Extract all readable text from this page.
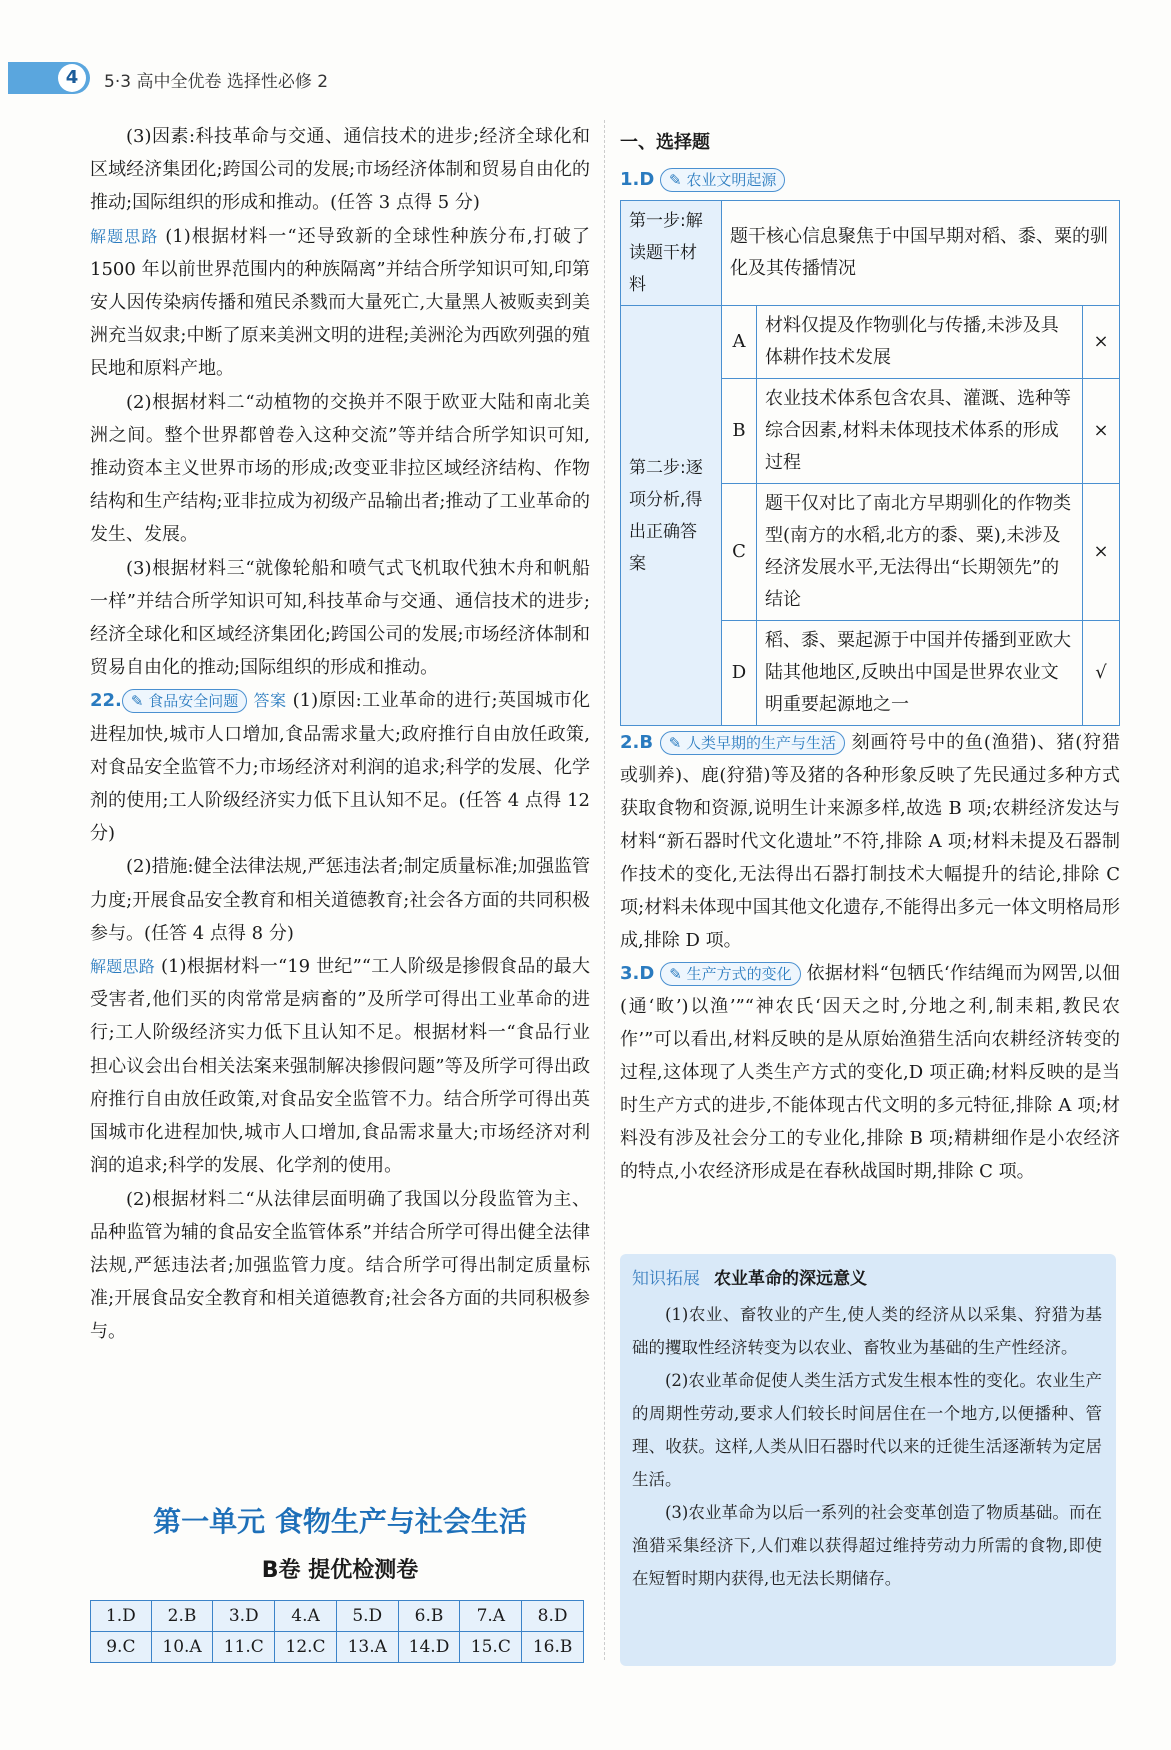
4	5·3 高中全优卷 选择性必修 2

(3)因素:科技革命与交通、通信技术的进步;经济全球化和区域经济集团化;跨国公司的发展;市场经济体制和贸易自由化的推动;国际组织的形成和推动。(任答 3 点得 5 分)

解题思路 (1)根据材料一“还导致新的全球性种族分布,打破了 1500 年以前世界范围内的种族隔离”并结合所学知识可知,印第安人因传染病传播和殖民杀戮而大量死亡,大量黑人被贩卖到美洲充当奴隶;中断了原来美洲文明的进程;美洲沦为西欧列强的殖民地和原料产地。

(2)根据材料二“动植物的交换并不限于欧亚大陆和南北美洲之间。整个世界都曾卷入这种交流”等并结合所学知识可知,推动资本主义世界市场的形成;改变亚非拉区域经济结构、作物结构和生产结构;亚非拉成为初级产品输出者;推动了工业革命的发生、发展。

(3)根据材料三“就像轮船和喷气式飞机取代独木舟和帆船一样”并结合所学知识可知,科技革命与交通、通信技术的进步;经济全球化和区域经济集团化;跨国公司的发展;市场经济体制和贸易自由化的推动;国际组织的形成和推动。

22. ✎ 食品安全问题 答案 (1)原因:工业革命的进行;英国城市化进程加快,城市人口增加,食品需求量大;政府推行自由放任政策,对食品安全监管不力;市场经济对利润的追求;科学的发展、化学剂的使用;工人阶级经济实力低下且认知不足。(任答 4 点得 12 分)

(2)措施:健全法律法规,严惩违法者;制定质量标准;加强监管力度;开展食品安全教育和相关道德教育;社会各方面的共同积极参与。(任答 4 点得 8 分)

解题思路 (1)根据材料一“19 世纪”“工人阶级是掺假食品的最大受害者,他们买的肉常常是病畜的”及所学可得出工业革命的进行;工人阶级经济实力低下且认知不足。根据材料一“食品行业担心议会出台相关法案来强制解决掺假问题”等及所学可得出政府推行自由放任政策,对食品安全监管不力。结合所学可得出英国城市化进程加快,城市人口增加,食品需求量大;市场经济对利润的追求;科学的发展、化学剂的使用。

(2)根据材料二“从法律层面明确了我国以分段监管为主、品种监管为辅的食品安全监管体系”并结合所学可得出健全法律法规,严惩违法者;加强监管力度。结合所学可得出制定质量标准;开展食品安全教育和相关道德教育;社会各方面的共同积极参与。

第一单元 食物生产与社会生活
B卷 提优检测卷
1.D	2.B	3.D	4.A	5.D	6.B	7.A	8.D
9.C	10.A	11.C	12.C	13.A	14.D	15.C	16.B
一、选择题
1.D ✎ 农业文明起源
第一步:解读题干材料	题干核心信息聚焦于中国早期对稻、黍、粟的驯化及其传播情况		
第二步:逐项分析,得出正确答案	A	材料仅提及作物驯化与传播,未涉及具体耕作技术发展	×
	B	农业技术体系包含农具、灌溉、选种等综合因素,材料未体现技术体系的形成过程	×
	C	题干仅对比了南北方早期驯化的作物类型(南方的水稻,北方的黍、粟),未涉及经济发展水平,无法得出“长期领先”的结论	×
	D	稻、黍、粟起源于中国并传播到亚欧大陆其他地区,反映出中国是世界农业文明重要起源地之一	√

2.B ✎ 人类早期的生产与生活 刻画符号中的鱼(渔猎)、猪(狩猎或驯养)、鹿(狩猎)等及猪的各种形象反映了先民通过多种方式获取食物和资源,说明生计来源多样,故选 B 项;农耕经济发达与材料“新石器时代文化遗址”不符,排除 A 项;材料未提及石器制作技术的变化,无法得出石器打制技术大幅提升的结论,排除 C 项;材料未体现中国其他文化遗存,不能得出多元一体文明格局形成,排除 D 项。

3.D ✎ 生产方式的变化 依据材料“包牺氏‘作结绳而为网罟,以佃(通‘畋’)以渔’”“神农氏‘因天之时,分地之利,制耒耜,教民农作’”可以看出,材料反映的是从原始渔猎生活向农耕经济转变的过程,这体现了人类生产方式的变化,D 项正确;材料反映的是当时生产方式的进步,不能体现古代文明的多元特征,排除 A 项;材料没有涉及社会分工的专业化,排除 B 项;精耕细作是小农经济的特点,小农经济形成是在春秋战国时期,排除 C 项。

知识拓展 农业革命的深远意义

(1)农业、畜牧业的产生,使人类的经济从以采集、狩猎为基础的攫取性经济转变为以农业、畜牧业为基础的生产性经济。

(2)农业革命促使人类生活方式发生根本性的变化。农业生产的周期性劳动,要求人们较长时间居住在一个地方,以便播种、管理、收获。这样,人类从旧石器时代以来的迁徙生活逐渐转为定居生活。

(3)农业革命为以后一系列的社会变革创造了物质基础。而在渔猎采集经济下,人们难以获得超过维持劳动力所需的食物,即使在短暂时期内获得,也无法长期储存。
